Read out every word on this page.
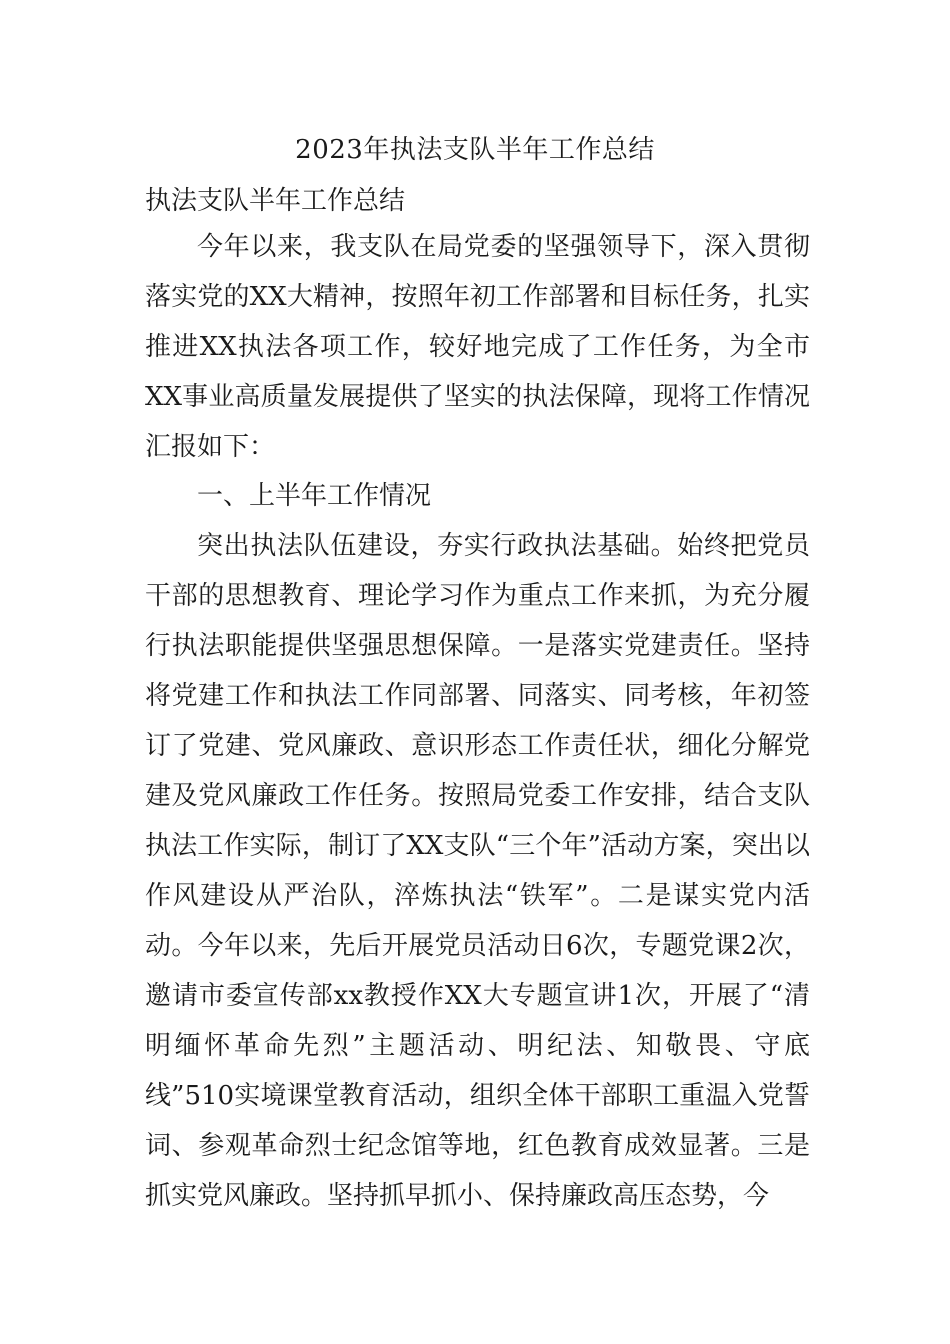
2023年执法支队半年工作总结
执法支队半年工作总结

今年以来，我支队在局党委的坚强领导下，深入贯彻落实党的XX大精神，按照年初工作部署和目标任务，扎实推进XX执法各项工作，较好地完成了工作任务，为全市XX事业高质量发展提供了坚实的执法保障，现将工作情况汇报如下：

一、上半年工作情况

突出执法队伍建设，夯实行政执法基础。始终把党员干部的思想教育、理论学习作为重点工作来抓，为充分履行执法职能提供坚强思想保障。一是落实党建责任。坚持将党建工作和执法工作同部署、同落实、同考核，年初签订了党建、党风廉政、意识形态工作责任状，细化分解党建及党风廉政工作任务。按照局党委工作安排，结合支队执法工作实际，制订了XX支队“三个年”活动方案，突出以作风建设从严治队，淬炼执法“铁军”。二是谋实党内活动。今年以来，先后开展党员活动日6次，专题党课2次，邀请市委宣传部xx教授作XX大专题宣讲1次，开展了“清明缅怀革命先烈”主题活动、明纪法、知敬畏、守底线”510实境课堂教育活动，组织全体干部职工重温入党誓词、参观革命烈士纪念馆等地，红色教育成效显著。三是抓实党风廉政。坚持抓早抓小、保持廉政高压态势，今
